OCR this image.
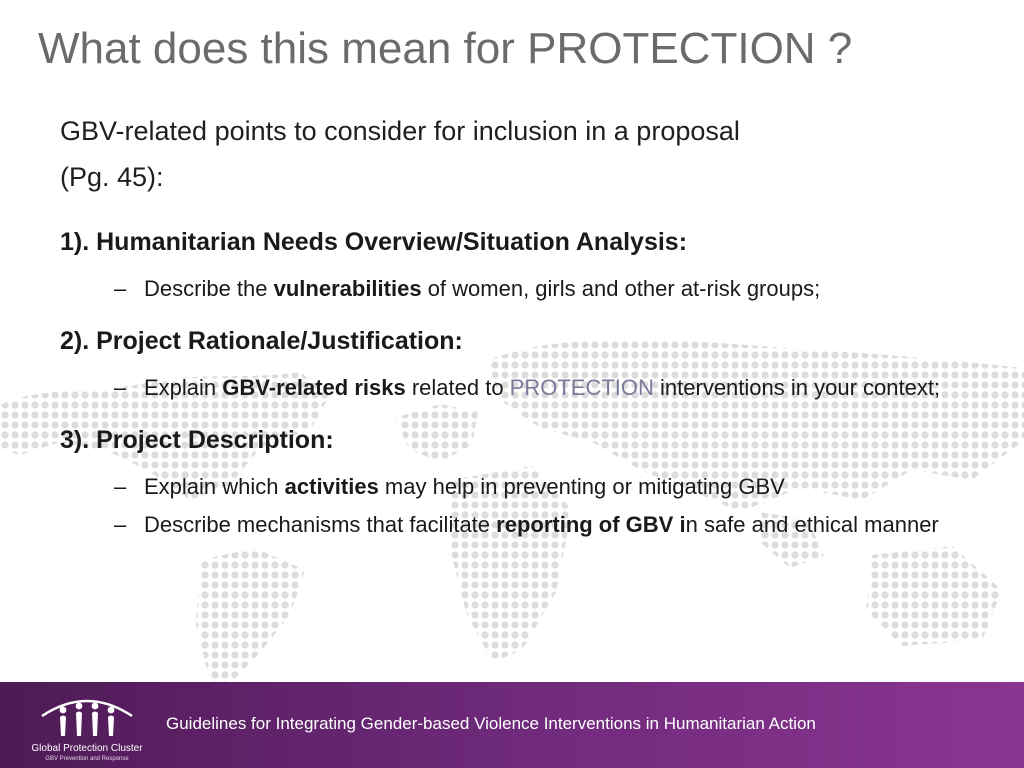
What does this mean for PROTECTION ?
GBV-related points to consider for inclusion in a proposal
(Pg. 45):
1). Humanitarian Needs Overview/Situation Analysis:
– Describe the vulnerabilities of women, girls and other at-risk groups;
2). Project Rationale/Justification:
– Explain GBV-related risks related to PROTECTION interventions in your context;
3). Project Description:
– Explain which activities may help in preventing or mitigating GBV
– Describe mechanisms that facilitate reporting of GBV in safe and ethical manner
Global Protection Cluster
GBV Prevention and Response
Guidelines for Integrating Gender-based Violence Interventions in Humanitarian Action
